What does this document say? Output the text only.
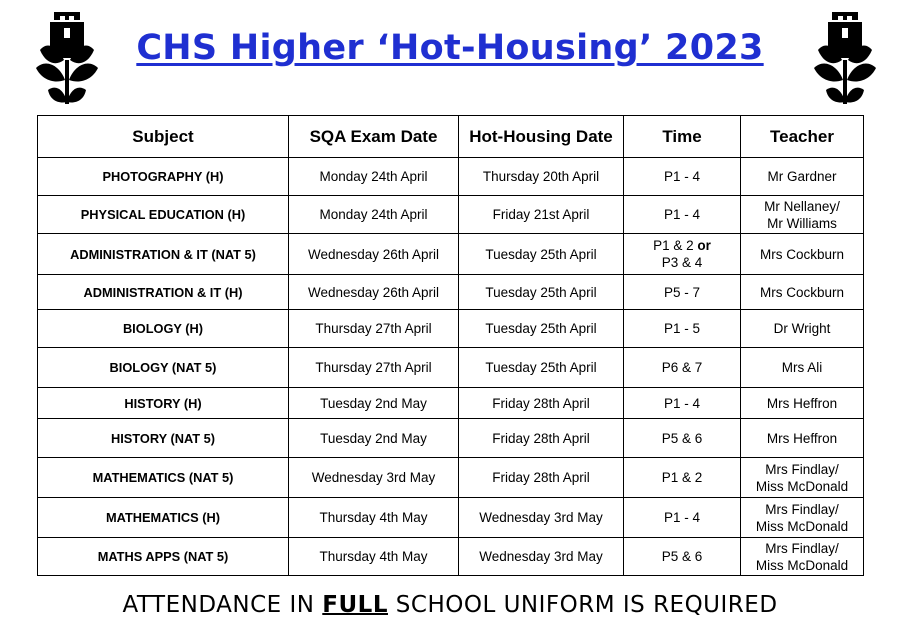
CHS Higher ‘Hot-Housing’ 2023
Subject	SQA Exam Date	Hot-Housing Date	Time	Teacher
PHOTOGRAPHY (H)	Monday 24th April	Thursday 20th April	P1 - 4	Mr Gardner
PHYSICAL EDUCATION (H)	Monday 24th April	Friday 21st April	P1 - 4	Mr Nellaney/
Mr Williams
ADMINISTRATION & IT (NAT 5)	Wednesday 26th April	Tuesday 25th April	P1 & 2 or
P3 & 4	Mrs Cockburn
ADMINISTRATION & IT (H)	Wednesday 26th April	Tuesday 25th April	P5 - 7	Mrs Cockburn
BIOLOGY (H)	Thursday 27th April	Tuesday 25th April	P1 - 5	Dr Wright
BIOLOGY (NAT 5)	Thursday 27th April	Tuesday 25th April	P6 & 7	Mrs Ali
HISTORY (H)	Tuesday 2nd May	Friday 28th April	P1 - 4	Mrs Heffron
HISTORY (NAT 5)	Tuesday 2nd May	Friday 28th April	P5 & 6	Mrs Heffron
MATHEMATICS (NAT 5)	Wednesday 3rd May	Friday 28th April	P1 & 2	Mrs Findlay/
Miss McDonald
MATHEMATICS (H)	Thursday 4th May	Wednesday 3rd May	P1 - 4	Mrs Findlay/
Miss McDonald
MATHS APPS (NAT 5)	Thursday 4th May	Wednesday 3rd May	P5 & 6	Mrs Findlay/
Miss McDonald
ATTENDANCE IN FULL SCHOOL UNIFORM IS REQUIRED
